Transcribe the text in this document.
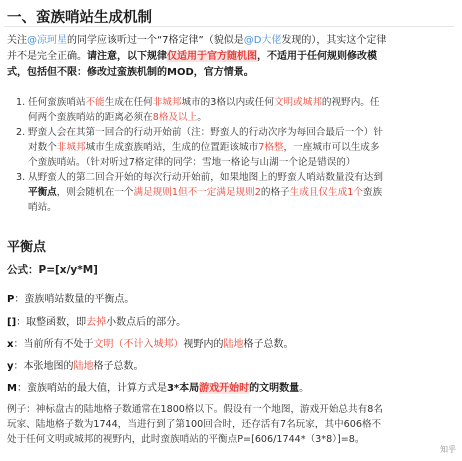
一、蛮族哨站生成机制
关注@凉珂星的同学应该听过一个“7格定律”（貌似是@D大佬发现的），其实这个定律
并不是完全正确。请注意，以下规律仅适用于官方随机图，不适用于任何规则修改模
式，包括但不限：修改过蛮族机制的MOD，官方情景。
1. 任何蛮族哨站不能生成在任何非城邦城市的3格以内或任何文明或城邦的视野内。任
何两个蛮族哨站的距离必须在8格及以上。
2. 野蛮人会在其第一回合的行动开始前（注：野蛮人的行动次序为每回合最后一个）针
对数个非城邦城市生成蛮族哨站，生成的位置距该城市7格整，一座城市可以生成多
个蛮族哨站。（针对听过7格定律的同学：雪地一格论与山湖一个论是错误的）
3. 从野蛮人的第二回合开始的每次行动开始前，如果地图上的野蛮人哨站数量没有达到
平衡点，则会随机在一个满足规则1但不一定满足规则2的格子生成且仅生成1个蛮族
哨站。
平衡点
公式：P=[x/y*M]
P：蛮族哨站数量的平衡点。
[]：取整函数，即去掉小数点后的部分。
x：当前所有不处于文明（不计入城邦）视野内的陆地格子总数。
y：本张地图的陆地格子总数。
M：蛮族哨站的最大值，计算方式是3*本局游戏开始时的文明数量。
例子：神标盘古的陆地格子数通常在1800格以下。假设有一个地图，游戏开始总共有8名
玩家、陆地格子数为1744，当进行到了第100回合时，还存活有7名玩家，其中606格不
处于任何文明或城邦的视野内，此时蛮族哨站的平衡点P=[606/1744*（3*8）]=8。
知乎
